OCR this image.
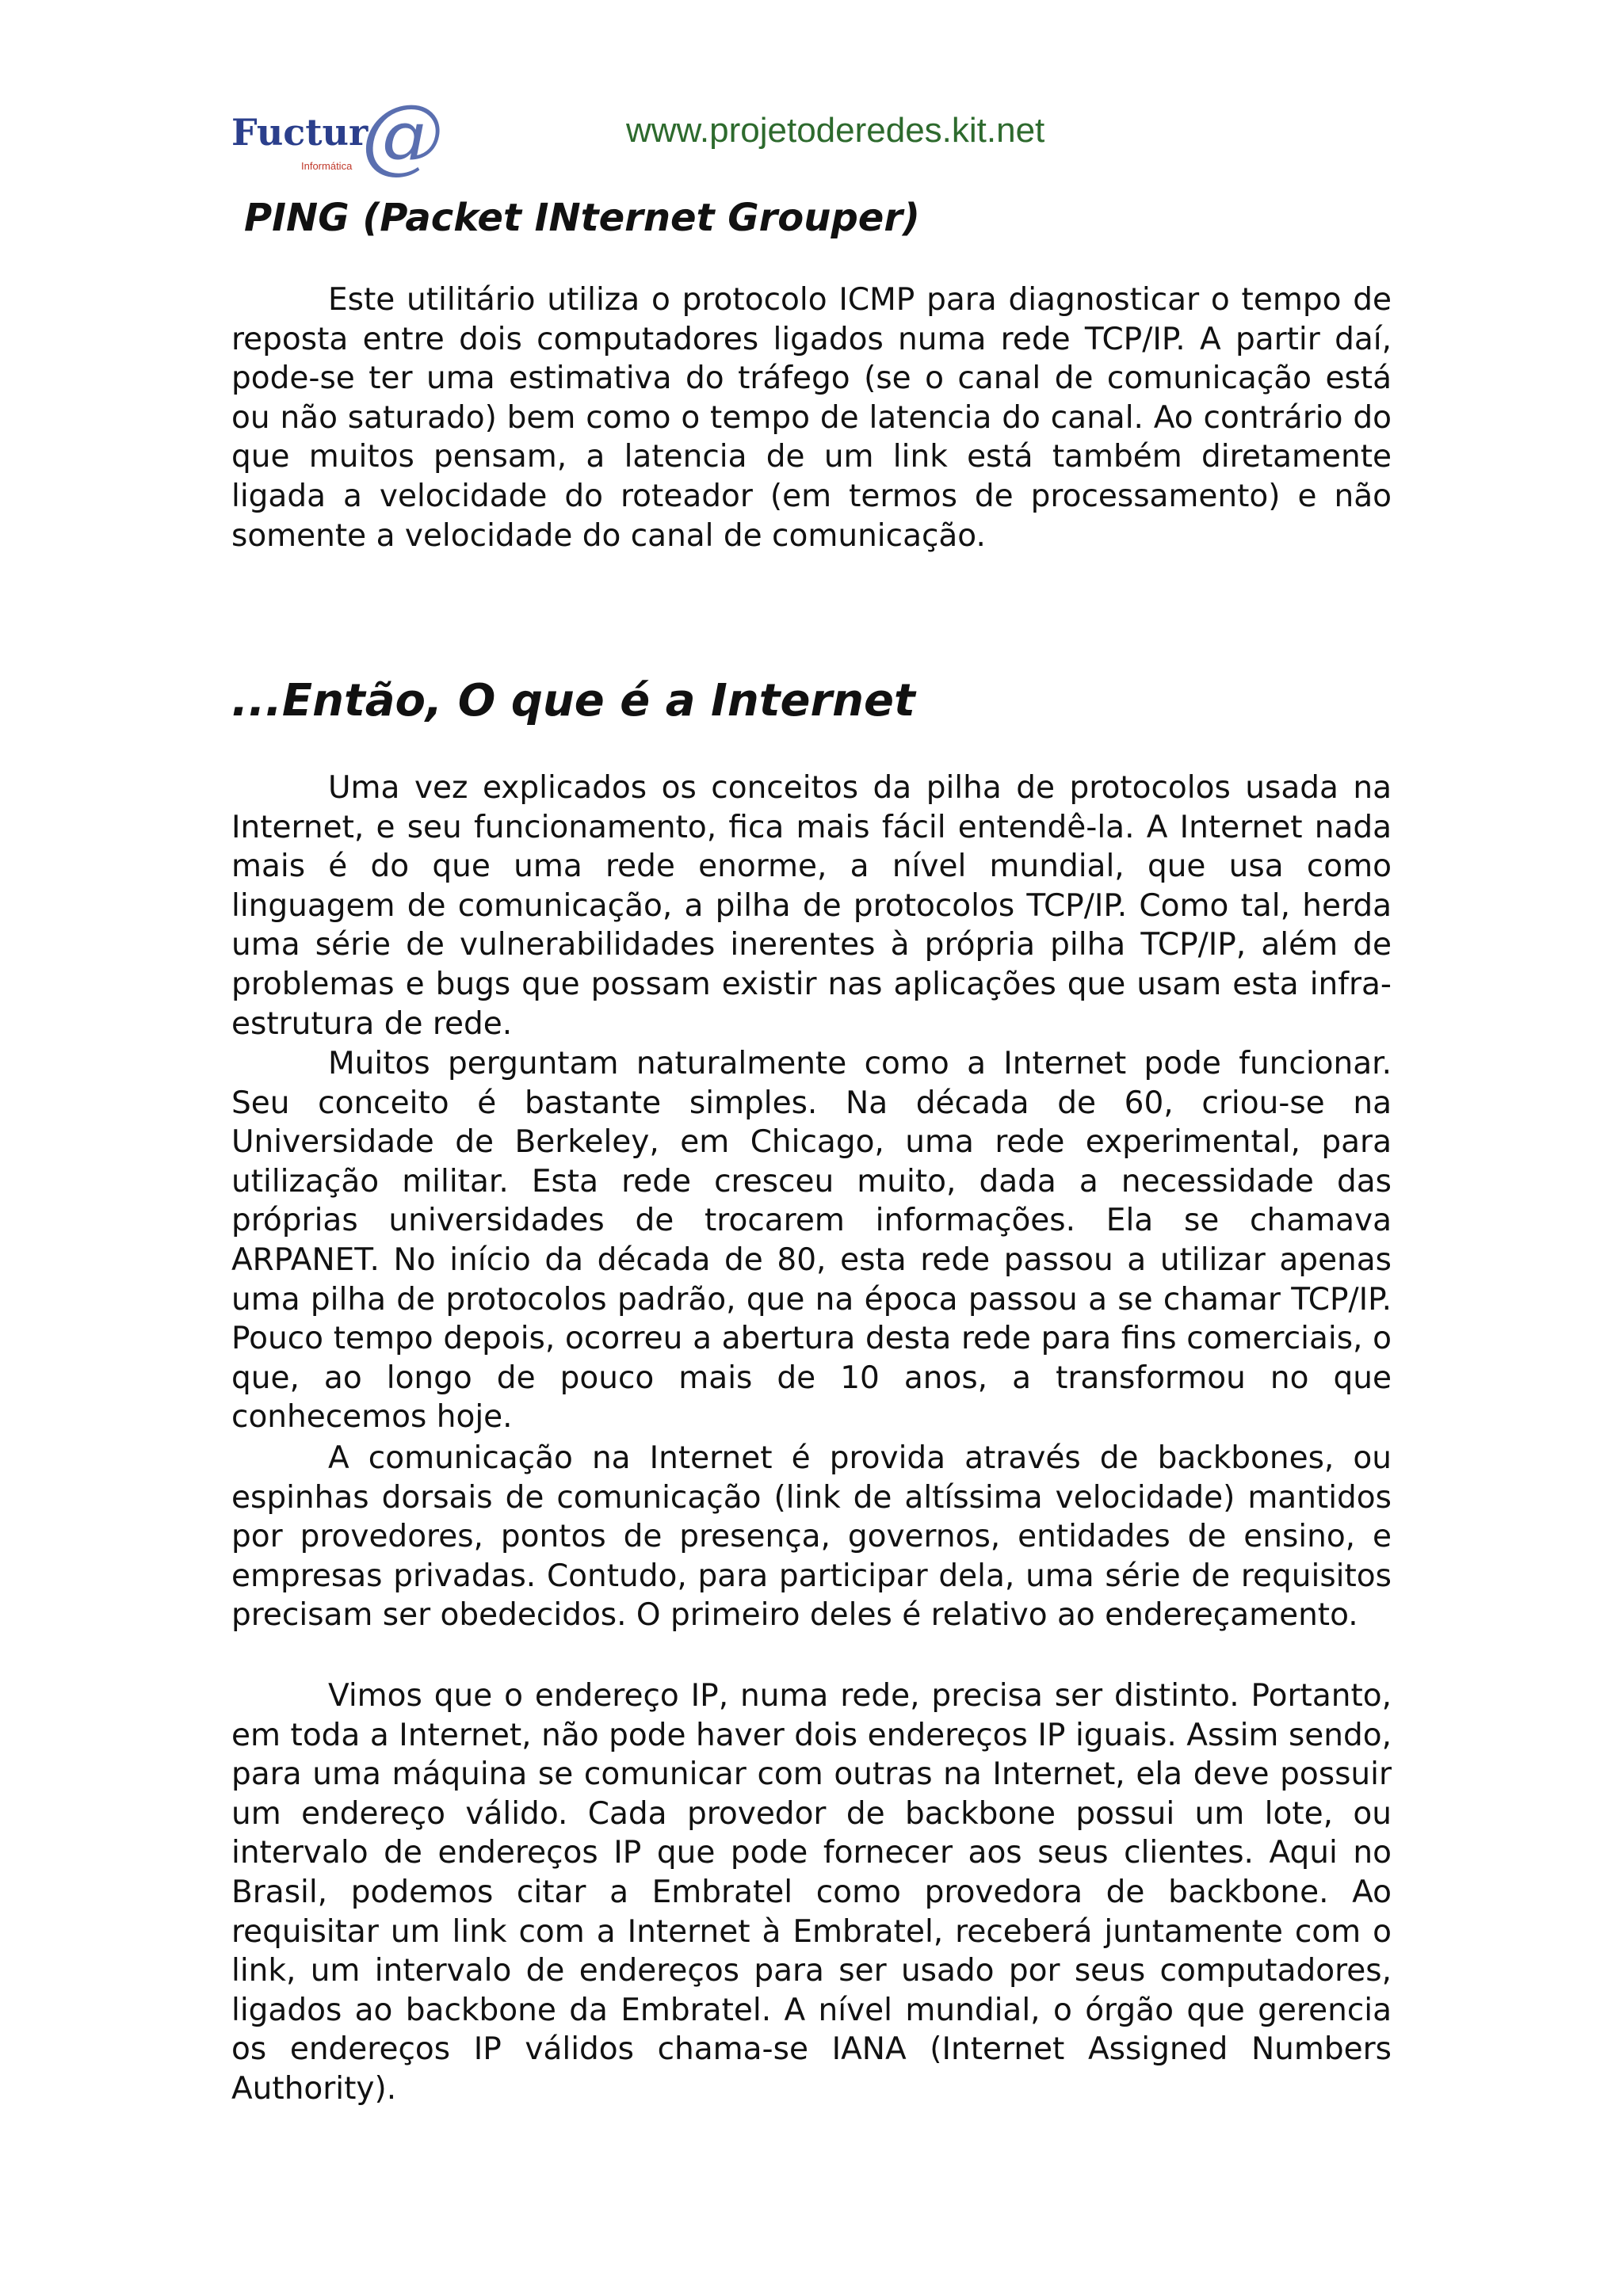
Fuctur
@
Informática
www.projetoderedes.kit.net
PING (Packet INternet Grouper)

Este utilitário utiliza o protocolo ICMP para diagnosticar o tempo de reposta entre dois computadores ligados numa rede TCP/IP. A partir daí, pode-se ter uma estimativa do tráfego (se o canal de comunicação está ou não saturado) bem como o tempo de latencia do canal. Ao contrário do que muitos pensam, a latencia de um link está também diretamente ligada a velocidade do roteador (em termos de processamento) e não somente a velocidade do canal de comunicação.

...Então, O que é a Internet

Uma vez explicados os conceitos da pilha de protocolos usada na Internet, e seu funcionamento, fica mais fácil entendê-la. A Internet nada mais é do que uma rede enorme, a nível mundial, que usa como linguagem de comunicação, a pilha de protocolos TCP/IP. Como tal, herda uma série de vulnerabilidades inerentes à própria pilha TCP/IP, além de problemas e bugs que possam existir nas aplicações que usam esta infra-estrutura de rede.

Muitos perguntam naturalmente como a Internet pode funcionar. Seu conceito é bastante simples. Na década de 60, criou-se na Universidade de Berkeley, em Chicago, uma rede experimental, para utilização militar. Esta rede cresceu muito, dada a necessidade das próprias universidades de trocarem informações. Ela se chamava ARPANET. No início da década de 80, esta rede passou a utilizar apenas uma pilha de protocolos padrão, que na época passou a se chamar TCP/IP. Pouco tempo depois, ocorreu a abertura desta rede para fins comerciais, o que, ao longo de pouco mais de 10 anos, a transformou no que conhecemos hoje.

A comunicação na Internet é provida através de backbones, ou espinhas dorsais de comunicação (link de altíssima velocidade) mantidos por provedores, pontos de presença, governos, entidades de ensino, e empresas privadas. Contudo, para participar dela, uma série de requisitos precisam ser obedecidos. O primeiro deles é relativo ao endereçamento.

Vimos que o endereço IP, numa rede, precisa ser distinto. Portanto, em toda a Internet, não pode haver dois endereços IP iguais. Assim sendo, para uma máquina se comunicar com outras na Internet, ela deve possuir um endereço válido. Cada provedor de backbone possui um lote, ou intervalo de endereços IP que pode fornecer aos seus clientes. Aqui no Brasil, podemos citar a Embratel como provedora de backbone. Ao requisitar um link com a Internet à Embratel, receberá juntamente com o link, um intervalo de endereços para ser usado por seus computadores, ligados ao backbone da Embratel. A nível mundial, o órgão que gerencia os endereços IP válidos chama-se IANA (Internet Assigned Numbers Authority).
